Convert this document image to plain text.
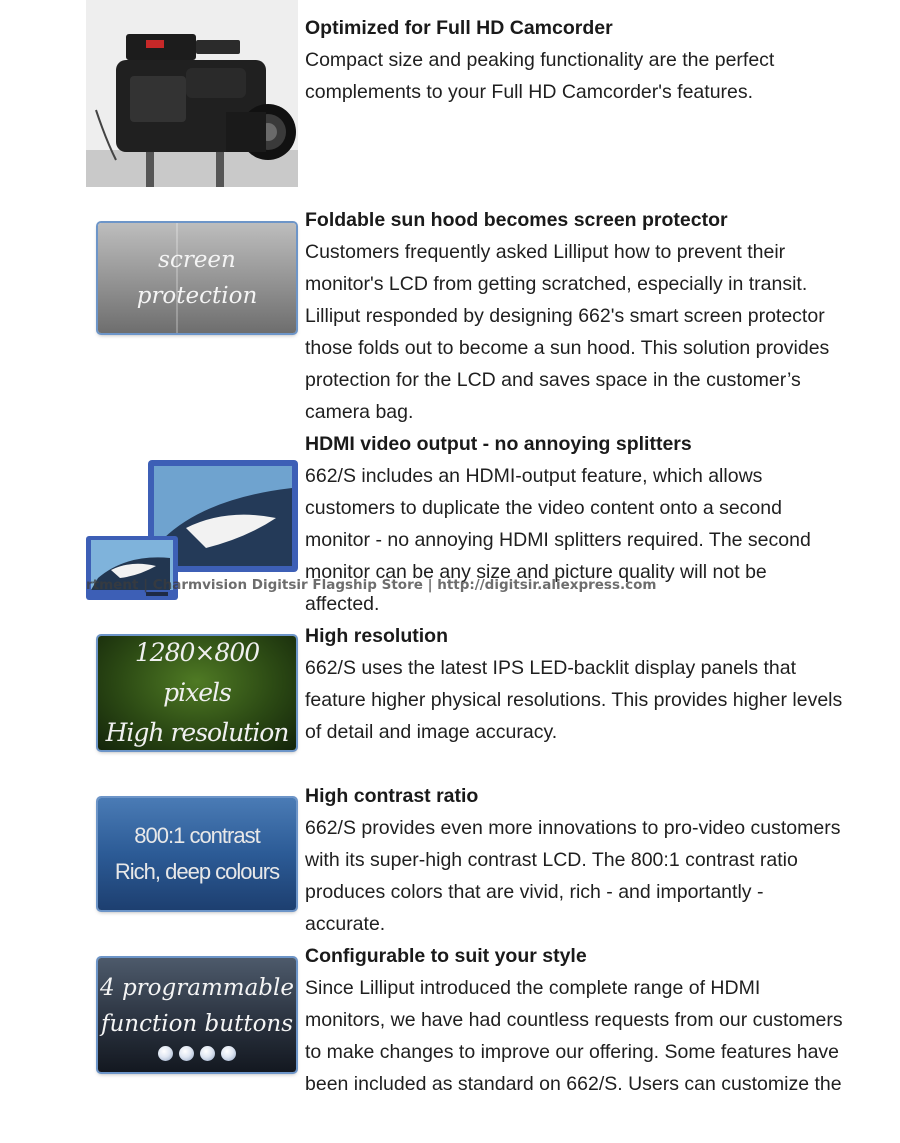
Optimized for Full HD Camcorder

Compact size and peaking functionality are the perfect complements to your Full HD Camcorder's features.

screen
protection

Foldable sun hood becomes screen protector

Customers frequently asked Lilliput how to prevent their monitor's LCD from getting scratched, especially in transit. Lilliput responded by designing 662's smart screen protector those folds out to become a sun hood. This solution provides protection for the LCD and saves space in the customer’s camera bag.

HDMI video output - no annoying splitters

662/S includes an HDMI-output feature, which allows customers to duplicate the video content onto a second monitor - no annoying HDMI splitters required. The second monitor can be any size and picture quality will not be affected.

rtment | Charmvision Digitsir Flagship Store | http://digitsir.aliexpress.com
1280×800 pixels
High resolution

High resolution

662/S uses the latest IPS LED-backlit display panels that feature higher physical resolutions. This provides higher levels of detail and image accuracy.

800:1 contrast
Rich, deep colours

High contrast ratio

662/S provides even more innovations to pro-video customers with its super-high contrast LCD. The 800:1 contrast ratio produces colors that are vivid, rich - and importantly - accurate.

4 programmable
function buttons

Configurable to suit your style

Since Lilliput introduced the complete range of HDMI monitors, we have had countless requests from our customers to make changes to improve our offering. Some features have been included as standard on 662/S. Users can customize the
